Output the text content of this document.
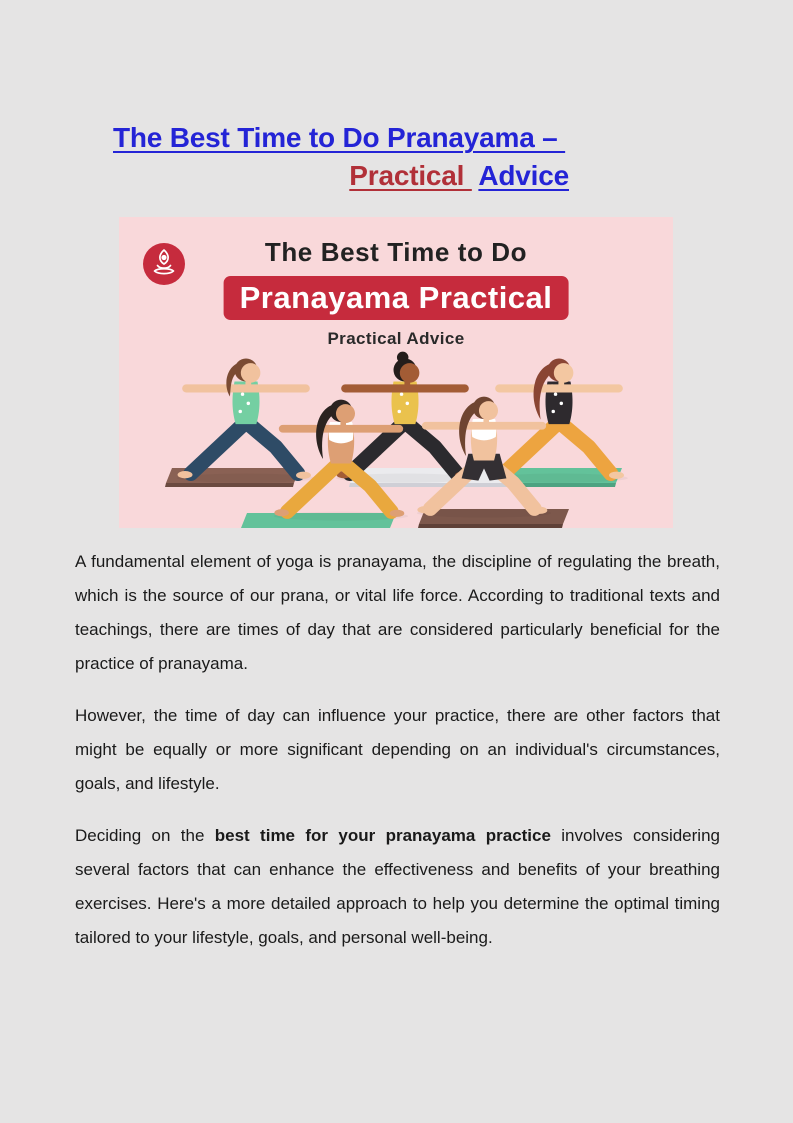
The Best Time to Do Pranayama –
Practical  Advice
The Best Time to Do
Pranayama Practical
Practical Advice

A fundamental element of yoga is pranayama, the discipline of regulating the breath, which is the source of our prana, or vital life force. According to traditional texts and teachings, there are times of day that are considered particularly beneficial for the practice of pranayama.

However, the time of day can influence your practice, there are other factors that might be equally or more significant depending on an individual's circumstances, goals, and lifestyle.

Deciding on the best time for your pranayama practice involves considering several factors that can enhance the effectiveness and benefits of your breathing exercises. Here's a more detailed approach to help you determine the optimal timing tailored to your lifestyle, goals, and personal well-being.
